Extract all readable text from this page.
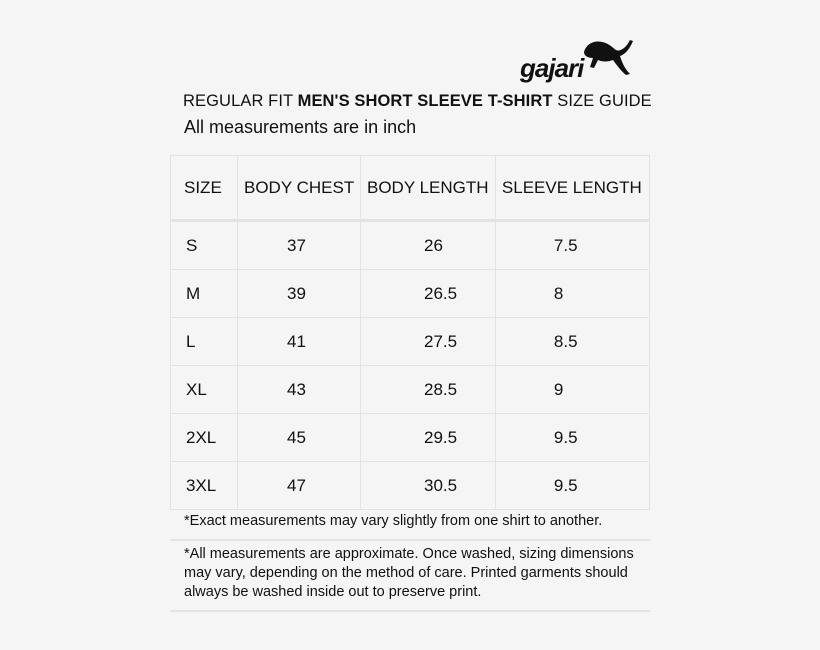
gajari
REGULAR FIT MEN'S SHORT SLEEVE T-SHIRT SIZE GUIDE
All measurements are in inch
SIZE	BODY CHEST	BODY LENGTH	SLEEVE LENGTH
S	37	26	7.5
M	39	26.5	8
L	41	27.5	8.5
XL	43	28.5	9
2XL	45	29.5	9.5
3XL	47	30.5	9.5
*Exact measurements may vary slightly from one shirt to another.
*All measurements are approximate. Once washed, sizing dimensions may vary, depending on the method of care. Printed garments should always be washed inside out to preserve print.
